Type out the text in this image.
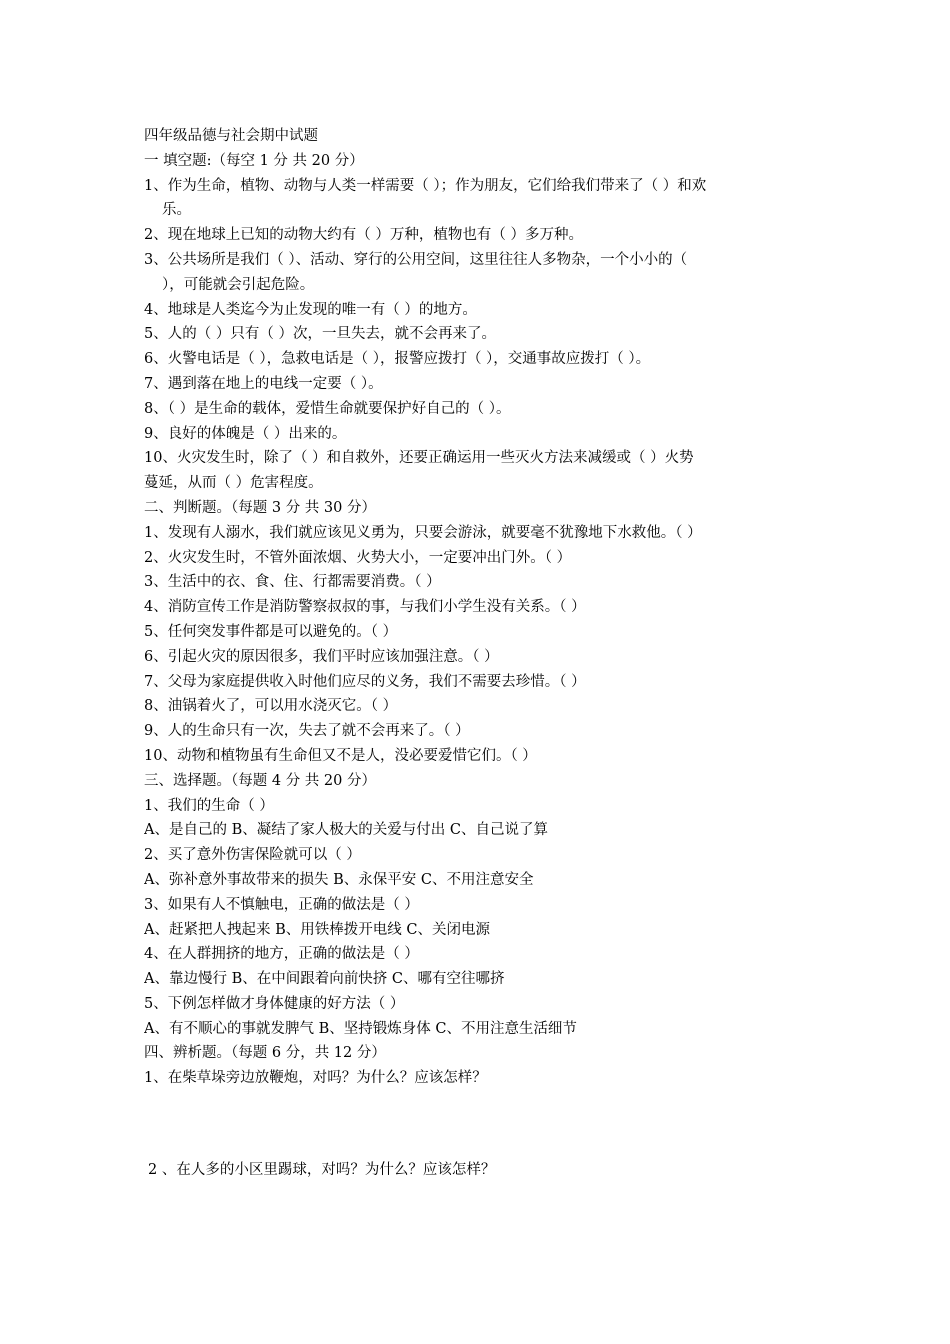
四年级品德与社会期中试题
一 填空题:（每空 1 分 共 20 分）
1、作为生命，植物、动物与人类一样需要（ ）；作为朋友，它们给我们带来了（ ）和欢
乐。
2、现在地球上已知的动物大约有（ ）万种，植物也有（ ）多万种。
3、公共场所是我们（ ）、活动、穿行的公用空间，这里往往人多物杂，一个小小的（
），可能就会引起危险。
4、地球是人类迄今为止发现的唯一有（ ）的地方。
5、人的（ ）只有（ ）次，一旦失去，就不会再来了。
6、火警电话是（ ），急救电话是（ ），报警应拨打（ ），交通事故应拨打（ ）。
7、遇到落在地上的电线一定要（ ）。
8、（ ）是生命的载体，爱惜生命就要保护好自己的（ ）。
9、良好的体魄是（ ）出来的。
10、火灾发生时，除了（ ）和自救外，还要正确运用一些灭火方法来减缓或（ ）火势
蔓延，从而（ ）危害程度。
二、判断题。（每题 3 分 共 30 分）
1、发现有人溺水，我们就应该见义勇为，只要会游泳，就要毫不犹豫地下水救他。（ ）
2、火灾发生时，不管外面浓烟、火势大小，一定要冲出门外。（ ）
3、生活中的衣、食、住、行都需要消费。（ ）
4、消防宣传工作是消防警察叔叔的事，与我们小学生没有关系。（ ）
5、任何突发事件都是可以避免的。（ ）
6、引起火灾的原因很多，我们平时应该加强注意。（ ）
7、父母为家庭提供收入时他们应尽的义务，我们不需要去珍惜。（ ）
8、油锅着火了，可以用水浇灭它。（ ）
9、人的生命只有一次，失去了就不会再来了。（ ）
10、动物和植物虽有生命但又不是人，没必要爱惜它们。（ ）
三、选择题。（每题 4 分 共 20 分）
1、我们的生命（ ）
A、是自己的 B、凝结了家人极大的关爱与付出 C、自己说了算
2、买了意外伤害保险就可以（ ）
A、弥补意外事故带来的损失 B、永保平安 C、不用注意安全
3、如果有人不慎触电，正确的做法是（ ）
A、赶紧把人拽起来 B、用铁棒拨开电线 C、关闭电源
4、在人群拥挤的地方，正确的做法是（ ）
A、靠边慢行 B、在中间跟着向前快挤 C、哪有空往哪挤
5、下例怎样做才身体健康的好方法（ ）
A、有不顺心的事就发脾气 B、坚持锻炼身体 C、不用注意生活细节
四、辨析题。（每题 6 分，共 12 分）
1、在柴草垛旁边放鞭炮，对吗？为什么？应该怎样？
2 、在人多的小区里踢球，对吗？为什么？应该怎样？
